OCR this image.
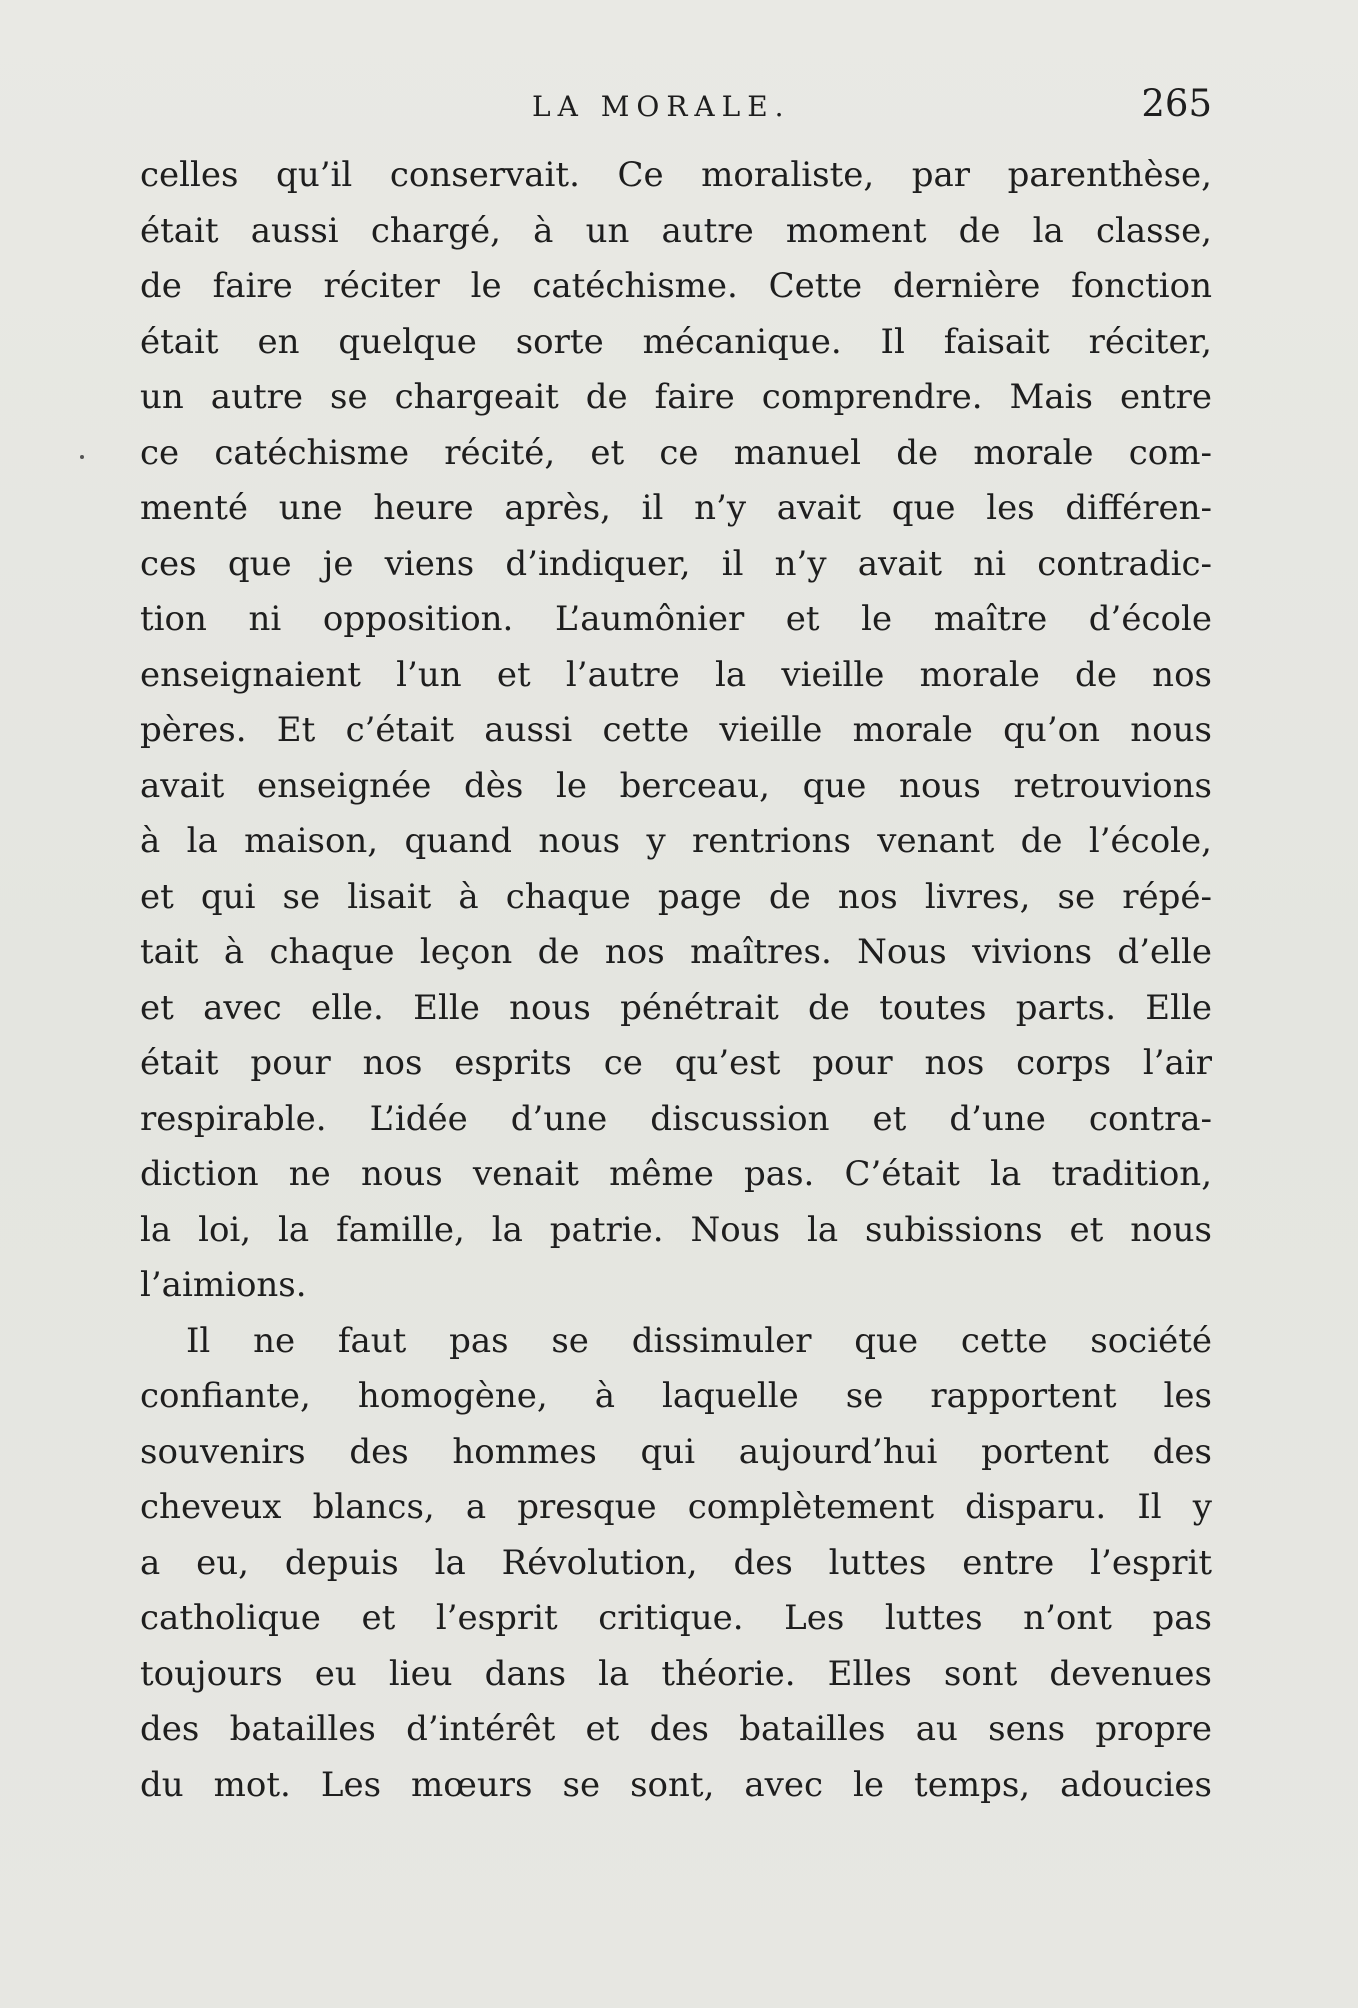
LA MORALE.	265
celles qu’il conservait. Ce moraliste, par parenthèse,
était aussi chargé, à un autre moment de la classe,
de faire réciter le catéchisme. Cette dernière fonction
était en quelque sorte mécanique. Il faisait réciter,
un autre se chargeait de faire comprendre. Mais entre
ce catéchisme récité, et ce manuel de morale com-
menté une heure après, il n’y avait que les différen-
ces que je viens d’indiquer, il n’y avait ni contradic-
tion ni opposition. L’aumônier et le maître d’école
enseignaient l’un et l’autre la vieille morale de nos
pères. Et c’était aussi cette vieille morale qu’on nous
avait enseignée dès le berceau, que nous retrouvions
à la maison, quand nous y rentrions venant de l’école,
et qui se lisait à chaque page de nos livres, se répé-
tait à chaque leçon de nos maîtres. Nous vivions d’elle
et avec elle. Elle nous pénétrait de toutes parts. Elle
était pour nos esprits ce qu’est pour nos corps l’air
respirable. L’idée d’une discussion et d’une contra-
diction ne nous venait même pas. C’était la tradition,
la loi, la famille, la patrie. Nous la subissions et nous
l’aimions.
Il ne faut pas se dissimuler que cette société
confiante, homogène, à laquelle se rapportent les
souvenirs des hommes qui aujourd’hui portent des
cheveux blancs, a presque complètement disparu. Il y
a eu, depuis la Révolution, des luttes entre l’esprit
catholique et l’esprit critique. Les luttes n’ont pas
toujours eu lieu dans la théorie. Elles sont devenues
des batailles d’intérêt et des batailles au sens propre
du mot. Les mœurs se sont, avec le temps, adoucies
